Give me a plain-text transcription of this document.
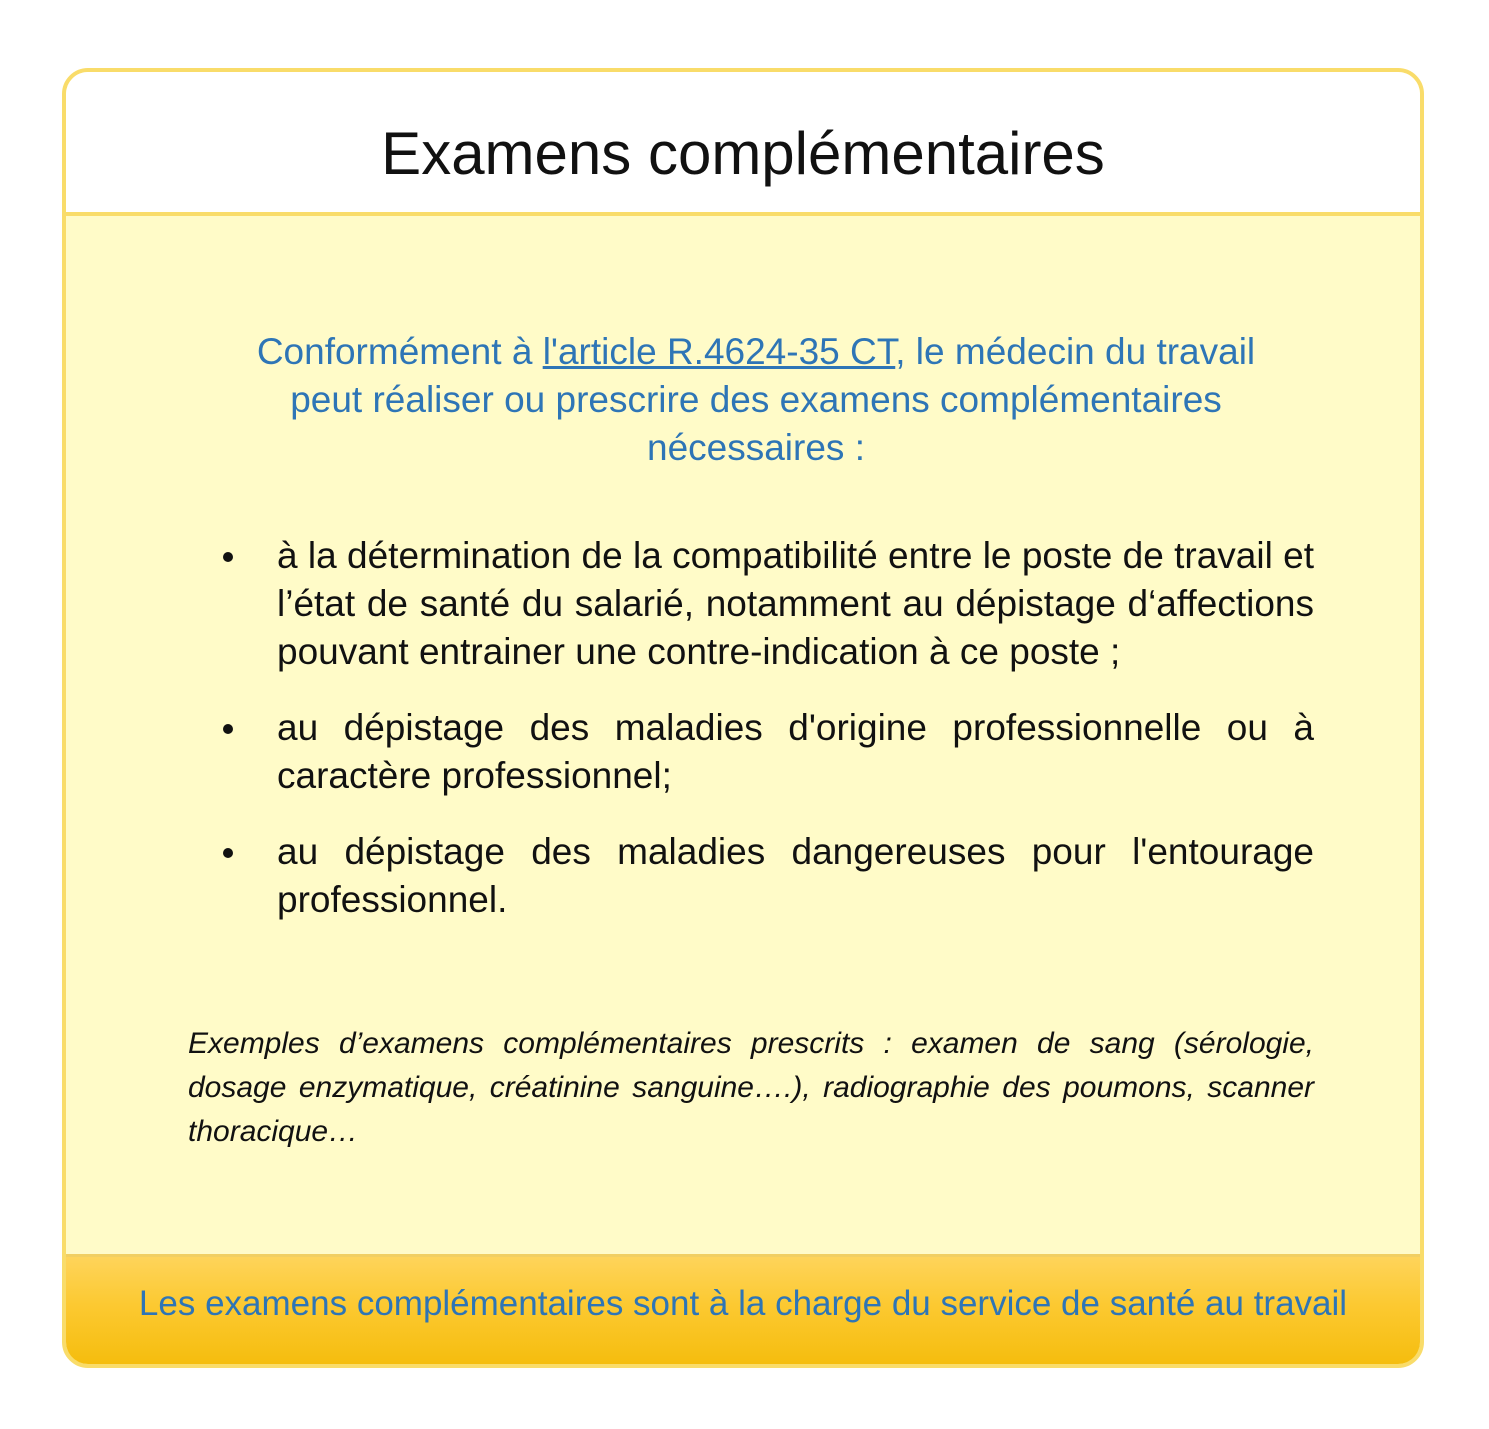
Examens complémentaires

Conformément à l'article R.4624-35 CT, le médecin du travail peut réaliser ou prescrire des examens complémentaires nécessaires :

à la détermination de la compatibilité entre le poste de travail et l’état de santé du salarié, notamment au dépistage d‘affections pouvant entrainer une contre-indication à ce poste ;
au dépistage des maladies d'origine professionnelle ou à caractère professionnel;
au dépistage des maladies dangereuses pour l'entourage professionnel.

Exemples d’examens complémentaires prescrits : examen de sang (sérologie, dosage enzymatique, créatinine sanguine….), radiographie des poumons, scanner thoracique…

Les examens complémentaires sont à la charge du service de santé au travail
